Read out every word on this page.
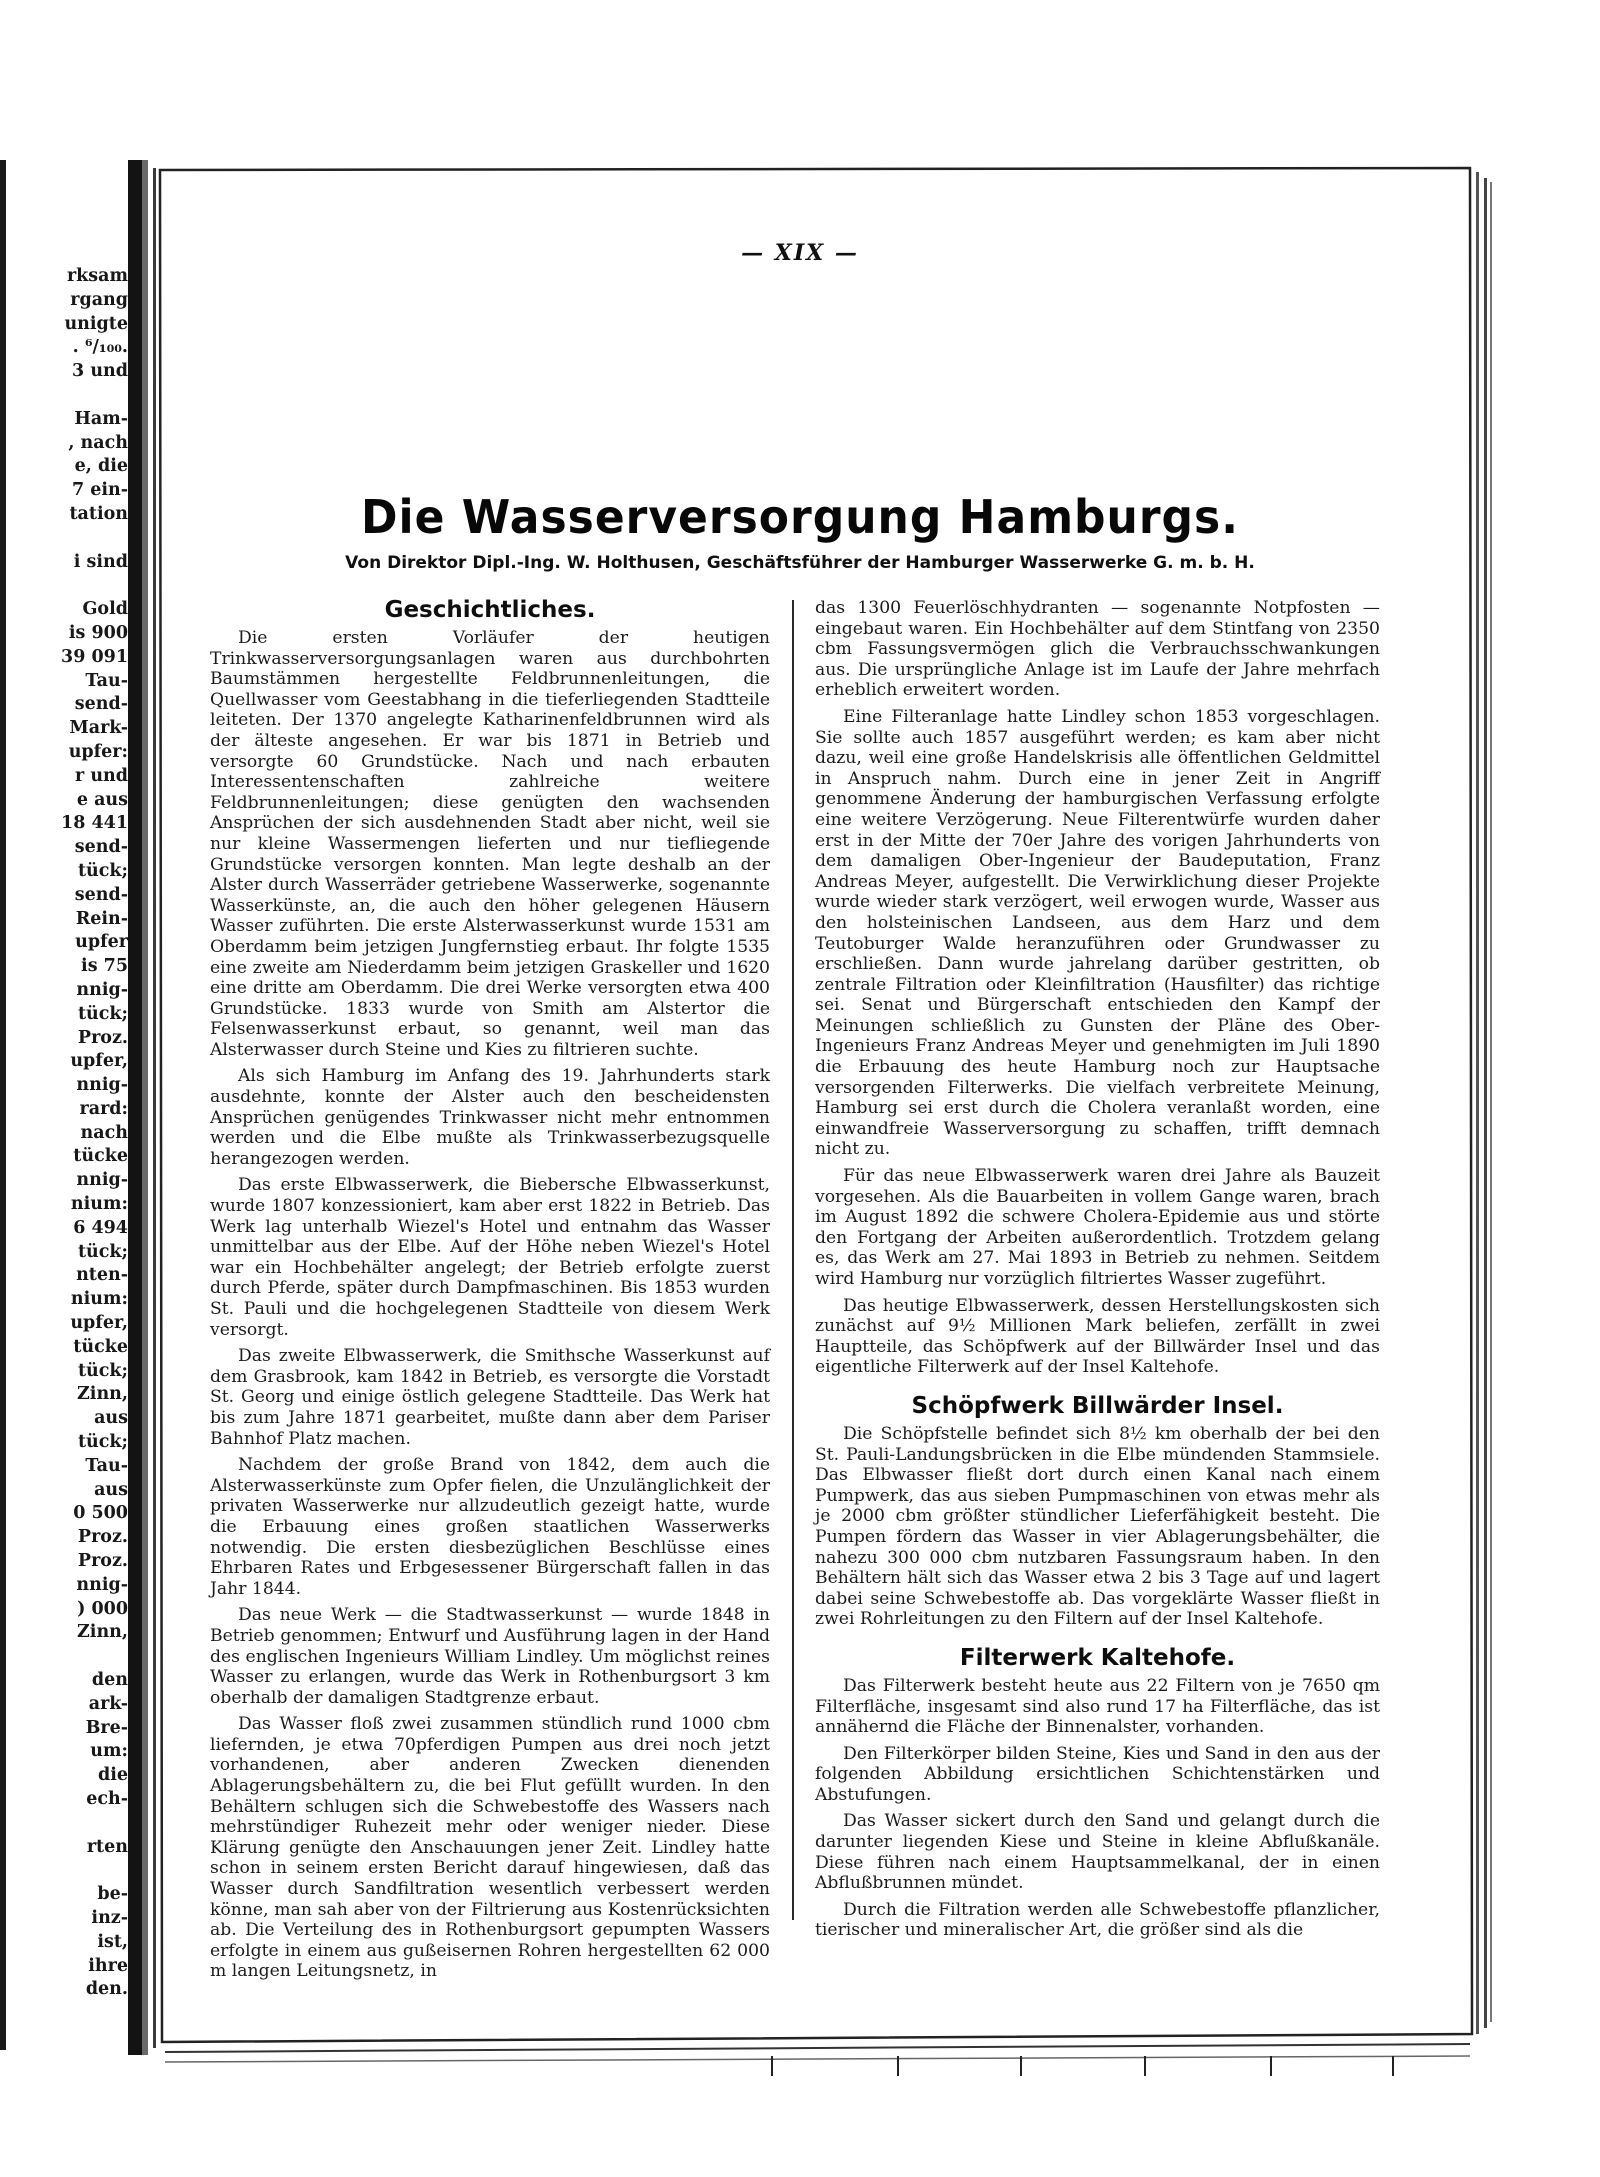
rksam
rgang
unigte
. ⁶/₁₀₀.
3 und
Ham-
, nach
e, die
7 ein-
tation
i sind
Gold
is 900
39 091
Tau-
send-
Mark-
upfer:
r und
e aus
18 441
send-
tück;
send-
Rein-
upfer
is 75
nnig-
tück;
Proz.
upfer,
nnig-
rard:
nach
tücke
nnig-
nium:
6 494
tück;
nten-
nium:
upfer,
tücke
tück;
Zinn,
aus
tück;
Tau-
aus
0 500
Proz.
Proz.
nnig-
) 000
Zinn,
den
ark-
Bre-
um:
die
ech-
rten
be-
inz-
ist,
ihre
den.
— XIX —
Die Wasserversorgung Hamburgs.
Von Direktor Dipl.-Ing. W. Holthusen, Geschäftsführer der Hamburger Wasserwerke G. m. b. H.
Geschichtliches.

Die ersten Vorläufer der heutigen Trinkwasserversorgungsanlagen waren aus durchbohrten Baumstämmen hergestellte Feldbrunnenleitungen, die Quellwasser vom Geestabhang in die tieferliegenden Stadtteile leiteten. Der 1370 angelegte Katharinenfeldbrunnen wird als der älteste angesehen. Er war bis 1871 in Betrieb und versorgte 60 Grundstücke. Nach und nach erbauten Interessentenschaften zahlreiche weitere Feldbrunnenleitungen; diese genügten den wachsenden Ansprüchen der sich ausdehnenden Stadt aber nicht, weil sie nur kleine Wassermengen lieferten und nur tiefliegende Grundstücke versorgen konnten. Man legte deshalb an der Alster durch Wasserräder getriebene Wasserwerke, sogenannte Wasserkünste, an, die auch den höher gelegenen Häusern Wasser zuführten. Die erste Alsterwasserkunst wurde 1531 am Oberdamm beim jetzigen Jungfernstieg erbaut. Ihr folgte 1535 eine zweite am Niederdamm beim jetzigen Graskeller und 1620 eine dritte am Oberdamm. Die drei Werke versorgten etwa 400 Grundstücke. 1833 wurde von Smith am Alstertor die Felsenwasserkunst erbaut, so genannt, weil man das Alsterwasser durch Steine und Kies zu filtrieren suchte.

Als sich Hamburg im Anfang des 19. Jahrhunderts stark ausdehnte, konnte der Alster auch den bescheidensten Ansprüchen genügendes Trinkwasser nicht mehr entnommen werden und die Elbe mußte als Trinkwasserbezugsquelle herangezogen werden.

Das erste Elbwasserwerk, die Biebersche Elbwasserkunst, wurde 1807 konzessioniert, kam aber erst 1822 in Betrieb. Das Werk lag unterhalb Wiezel's Hotel und entnahm das Wasser unmittelbar aus der Elbe. Auf der Höhe neben Wiezel's Hotel war ein Hochbehälter angelegt; der Betrieb erfolgte zuerst durch Pferde, später durch Dampfmaschinen. Bis 1853 wurden St. Pauli und die hochgelegenen Stadtteile von diesem Werk versorgt.

Das zweite Elbwasserwerk, die Smithsche Wasserkunst auf dem Grasbrook, kam 1842 in Betrieb, es versorgte die Vorstadt St. Georg und einige östlich gelegene Stadtteile. Das Werk hat bis zum Jahre 1871 gearbeitet, mußte dann aber dem Pariser Bahnhof Platz machen.

Nachdem der große Brand von 1842, dem auch die Alsterwasserkünste zum Opfer fielen, die Unzulänglichkeit der privaten Wasserwerke nur allzudeutlich gezeigt hatte, wurde die Erbauung eines großen staatlichen Wasserwerks notwendig. Die ersten diesbezüglichen Beschlüsse eines Ehrbaren Rates und Erbgesessener Bürgerschaft fallen in das Jahr 1844.

Das neue Werk — die Stadtwasserkunst — wurde 1848 in Betrieb genommen; Entwurf und Ausführung lagen in der Hand des englischen Ingenieurs William Lindley. Um möglichst reines Wasser zu erlangen, wurde das Werk in Rothenburgsort 3 km oberhalb der damaligen Stadtgrenze erbaut.

Das Wasser floß zwei zusammen stündlich rund 1000 cbm liefernden, je etwa 70pferdigen Pumpen aus drei noch jetzt vorhandenen, aber anderen Zwecken dienenden Ablagerungsbehältern zu, die bei Flut gefüllt wurden. In den Behältern schlugen sich die Schwebestoffe des Wassers nach mehrstündiger Ruhezeit mehr oder weniger nieder. Diese Klärung genügte den Anschauungen jener Zeit. Lindley hatte schon in seinem ersten Bericht darauf hingewiesen, daß das Wasser durch Sandfiltration wesentlich verbessert werden könne, man sah aber von der Filtrierung aus Kostenrücksichten ab. Die Verteilung des in Rothenburgsort gepumpten Wassers erfolgte in einem aus gußeisernen Rohren hergestellten 62 000 m langen Leitungsnetz, in

das 1300 Feuerlöschhydranten — sogenannte Notpfosten — eingebaut waren. Ein Hochbehälter auf dem Stintfang von 2350 cbm Fassungsvermögen glich die Verbrauchsschwankungen aus. Die ursprüngliche Anlage ist im Laufe der Jahre mehrfach erheblich erweitert worden.

Eine Filteranlage hatte Lindley schon 1853 vorgeschlagen. Sie sollte auch 1857 ausgeführt werden; es kam aber nicht dazu, weil eine große Handelskrisis alle öffentlichen Geldmittel in Anspruch nahm. Durch eine in jener Zeit in Angriff genommene Änderung der hamburgischen Verfassung erfolgte eine weitere Verzögerung. Neue Filterentwürfe wurden daher erst in der Mitte der 70er Jahre des vorigen Jahrhunderts von dem damaligen Ober-Ingenieur der Baudeputation, Franz Andreas Meyer, aufgestellt. Die Verwirklichung dieser Projekte wurde wieder stark verzögert, weil erwogen wurde, Wasser aus den holsteinischen Landseen, aus dem Harz und dem Teutoburger Walde heranzuführen oder Grundwasser zu erschließen. Dann wurde jahrelang darüber gestritten, ob zentrale Filtration oder Kleinfiltration (Hausfilter) das richtige sei. Senat und Bürgerschaft entschieden den Kampf der Meinungen schließlich zu Gunsten der Pläne des Ober-Ingenieurs Franz Andreas Meyer und genehmigten im Juli 1890 die Erbauung des heute Hamburg noch zur Hauptsache versorgenden Filterwerks. Die vielfach verbreitete Meinung, Hamburg sei erst durch die Cholera veranlaßt worden, eine einwandfreie Wasserversorgung zu schaffen, trifft demnach nicht zu.

Für das neue Elbwasserwerk waren drei Jahre als Bauzeit vorgesehen. Als die Bauarbeiten in vollem Gange waren, brach im August 1892 die schwere Cholera-Epidemie aus und störte den Fortgang der Arbeiten außerordentlich. Trotzdem gelang es, das Werk am 27. Mai 1893 in Betrieb zu nehmen. Seitdem wird Hamburg nur vorzüglich filtriertes Wasser zugeführt.

Das heutige Elbwasserwerk, dessen Herstellungskosten sich zunächst auf 9½ Millionen Mark beliefen, zerfällt in zwei Hauptteile, das Schöpfwerk auf der Billwärder Insel und das eigentliche Filterwerk auf der Insel Kaltehofe.

Schöpfwerk Billwärder Insel.

Die Schöpfstelle befindet sich 8½ km oberhalb der bei den St. Pauli-Landungsbrücken in die Elbe mündenden Stammsiele. Das Elbwasser fließt dort durch einen Kanal nach einem Pumpwerk, das aus sieben Pumpmaschinen von etwas mehr als je 2000 cbm größter stündlicher Lieferfähigkeit besteht. Die Pumpen fördern das Wasser in vier Ablagerungsbehälter, die nahezu 300 000 cbm nutzbaren Fassungsraum haben. In den Behältern hält sich das Wasser etwa 2 bis 3 Tage auf und lagert dabei seine Schwebestoffe ab. Das vorgeklärte Wasser fließt in zwei Rohrleitungen zu den Filtern auf der Insel Kaltehofe.

Filterwerk Kaltehofe.

Das Filterwerk besteht heute aus 22 Filtern von je 7650 qm Filterfläche, insgesamt sind also rund 17 ha Filterfläche, das ist annähernd die Fläche der Binnenalster, vorhanden.

Den Filterkörper bilden Steine, Kies und Sand in den aus der folgenden Abbildung ersichtlichen Schichtenstärken und Abstufungen.

Das Wasser sickert durch den Sand und gelangt durch die darunter liegenden Kiese und Steine in kleine Abflußkanäle. Diese führen nach einem Hauptsammelkanal, der in einen Abflußbrunnen mündet.

Durch die Filtration werden alle Schwebestoffe pflanzlicher, tierischer und mineralischer Art, die größer sind als die
